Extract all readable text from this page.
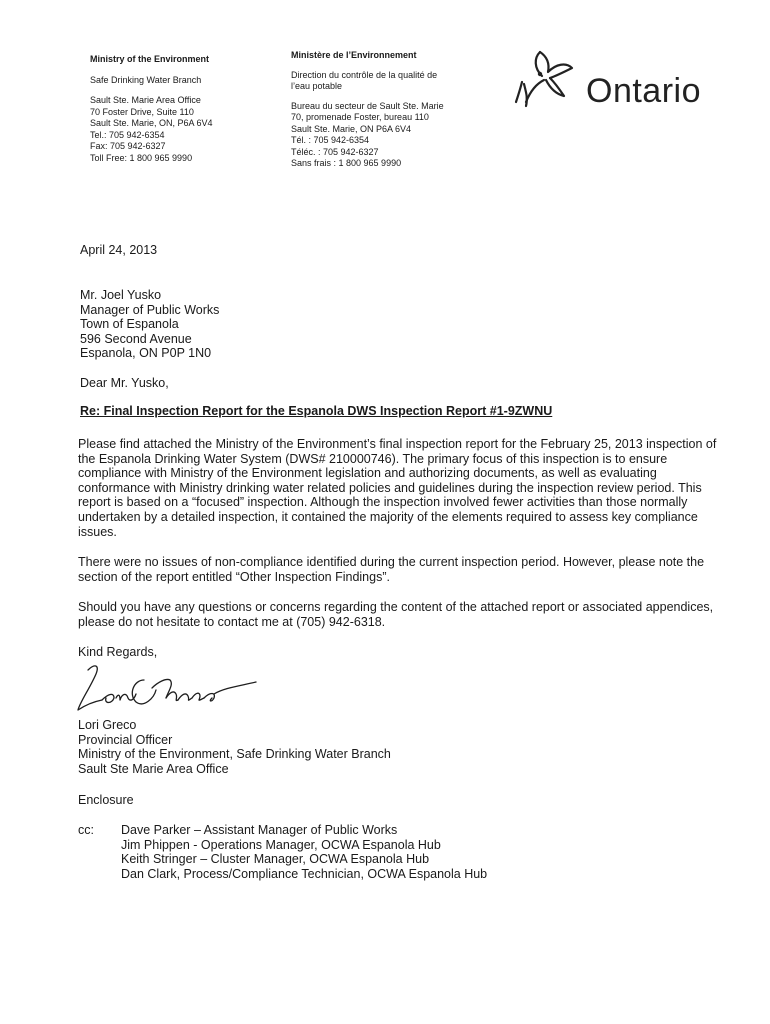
Ministry of the Environment
Safe Drinking Water Branch
Sault Ste. Marie Area Office
70 Foster Drive, Suite 110
Sault Ste. Marie, ON, P6A 6V4
Tel.: 705 942-6354
Fax: 705 942-6327
Toll Free: 1 800 965 9990
Ministère de l’Environnement
Direction du contrôle de la qualité de
l’eau potable
Bureau du secteur de Sault Ste. Marie
70, promenade Foster, bureau 110
Sault Ste. Marie, ON P6A 6V4
Tél. : 705 942-6354
Téléc. : 705 942-6327
Sans frais : 1 800 965 9990
Ontario
April 24, 2013
Mr. Joel Yusko
Manager of Public Works
Town of Espanola
596 Second Avenue
Espanola, ON P0P 1N0
Dear Mr. Yusko,
Re: Final Inspection Report for the Espanola DWS Inspection Report #1-9ZWNU

Please find attached the Ministry of the Environment’s final inspection report for the February 25, 2013 inspection of the Espanola Drinking Water System (DWS# 210000746). The primary focus of this inspection is to ensure compliance with Ministry of the Environment legislation and authorizing documents, as well as evaluating conformance with Ministry drinking water related policies and guidelines during the inspection review period. This report is based on a “focused” inspection. Although the inspection involved fewer activities than those normally undertaken by a detailed inspection, it contained the majority of the elements required to assess key compliance issues.

There were no issues of non-compliance identified during the current inspection period. However, please note the section of the report entitled “Other Inspection Findings”.

Should you have any questions or concerns regarding the content of the attached report or associated appendices, please do not hesitate to contact me at (705) 942-6318.

Kind Regards,
Lori Greco
Provincial Officer
Ministry of the Environment, Safe Drinking Water Branch
Sault Ste Marie Area Office
Enclosure
cc: Dave Parker – Assistant Manager of Public Works
Jim Phippen - Operations Manager, OCWA Espanola Hub
Keith Stringer – Cluster Manager, OCWA Espanola Hub
Dan Clark, Process/Compliance Technician, OCWA Espanola Hub
